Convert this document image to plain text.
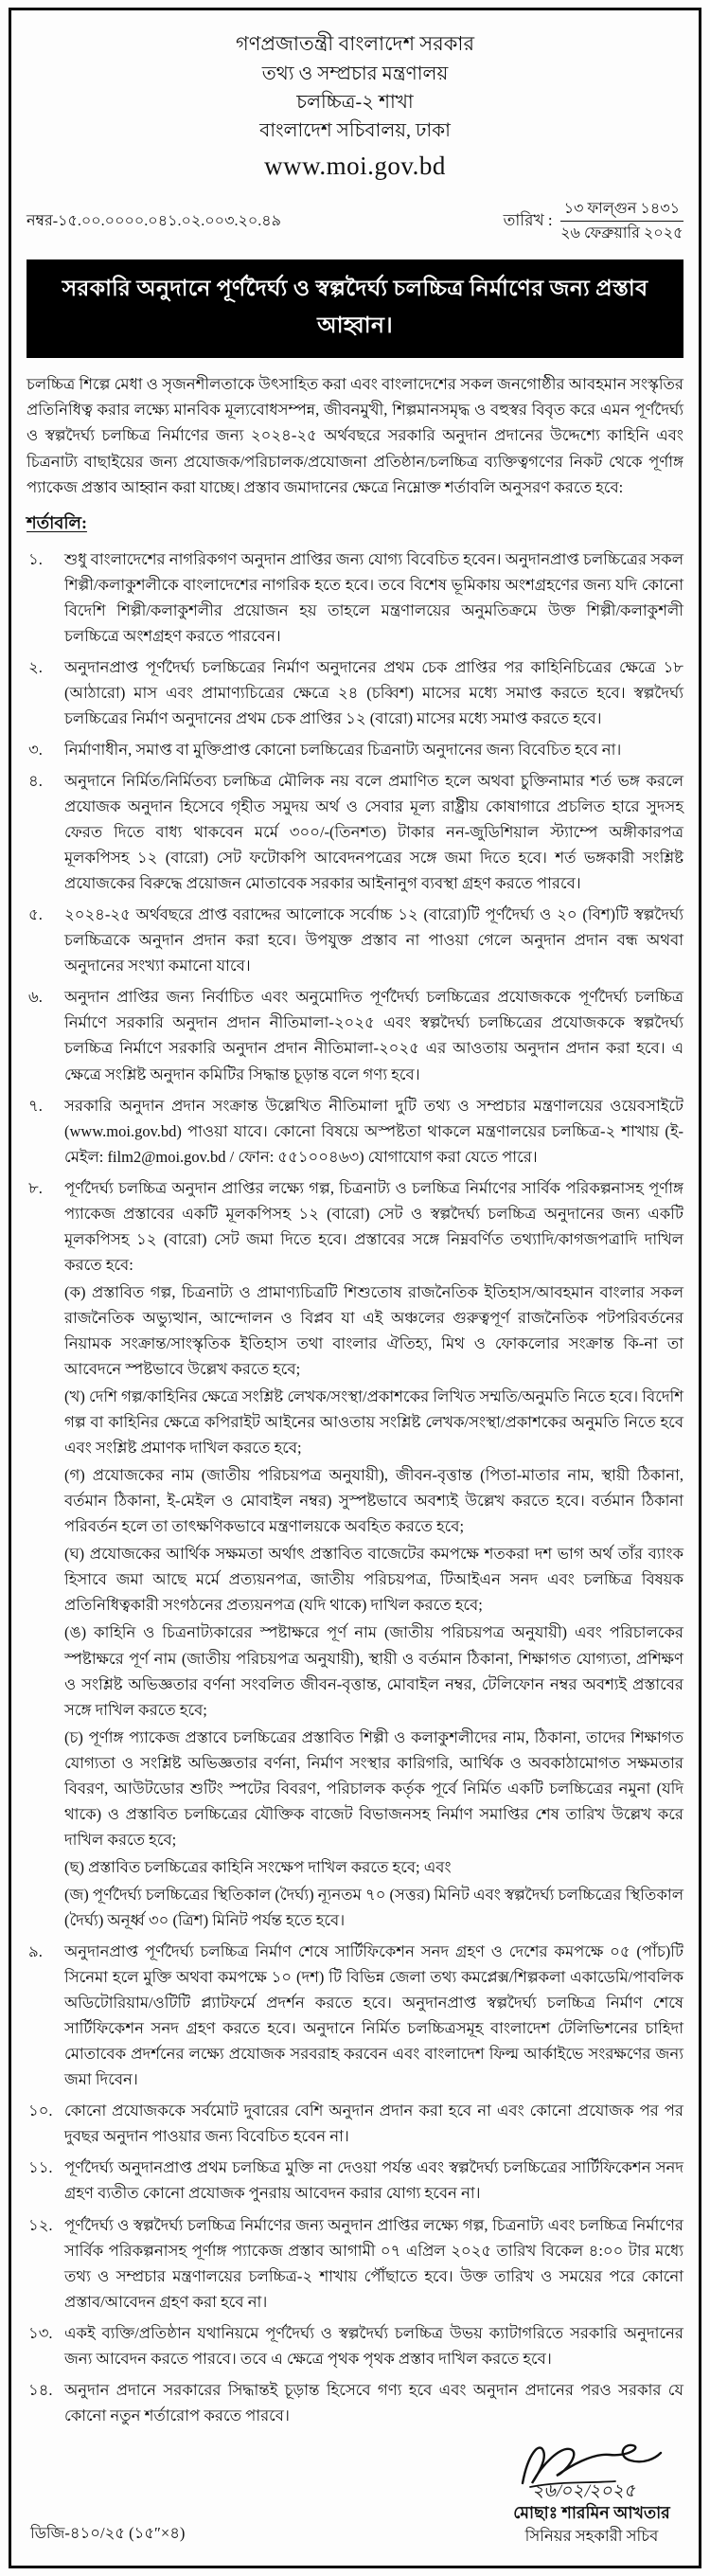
গণপ্রজাতন্ত্রী বাংলাদেশ সরকার
তথ্য ও সম্প্রচার মন্ত্রণালয়
চলচ্চিত্র-২ শাখা
বাংলাদেশ সচিবালয়, ঢাকা
www.moi.gov.bd
নম্বর-১৫.০০.০০০০.০৪১.০২.০০৩.২০.৪৯	তারিখ : $\frac{\text{১৩ ফাল্গুন ১৪৩১}}{\text{২৬ ফেব্রুয়ারি ২০২৫}}$
সরকারি অনুদানে পূর্ণদৈর্ঘ্য ও স্বল্পদৈর্ঘ্য চলচ্চিত্র নির্মাণের জন্য প্রস্তাব আহ্বান।
চলচ্চিত্র শিল্পে মেধা ও সৃজনশীলতাকে উৎসাহিত করা এবং বাংলাদেশের সকল জনগোষ্ঠীর আবহমান সংস্কৃতির প্রতিনিধিত্ব করার লক্ষ্যে মানবিক মূল্যবোধসম্পন্ন, জীবনমুখী, শিল্পমানসমৃদ্ধ ও বহুস্বর বিবৃত করে এমন পূর্ণদৈর্ঘ্য ও স্বল্পদৈর্ঘ্য চলচ্চিত্র নির্মাণের জন্য ২০২৪-২৫ অর্থবছরে সরকারি অনুদান প্রদানের উদ্দেশ্যে কাহিনি এবং চিত্রনাট্য বাছাইয়ের জন্য প্রযোজক/পরিচালক/প্রযোজনা প্রতিষ্ঠান/চলচ্চিত্র ব্যক্তিত্বগণের নিকট থেকে পূর্ণাঙ্গ প্যাকেজ প্রস্তাব আহ্বান করা যাচ্ছে। প্রস্তাব জমাদানের ক্ষেত্রে নিম্নোক্ত শর্তাবলি অনুসরণ করতে হবে:
শর্তাবলি:
১.	শুধু বাংলাদেশের নাগরিকগণ অনুদান প্রাপ্তির জন্য যোগ্য বিবেচিত হবেন। অনুদানপ্রাপ্ত চলচ্চিত্রের সকল শিল্পী/কলাকুশলীকে বাংলাদেশের নাগরিক হতে হবে। তবে বিশেষ ভূমিকায় অংশগ্রহণের জন্য যদি কোনো বিদেশি শিল্পী/কলাকুশলীর প্রয়োজন হয় তাহলে মন্ত্রণালয়ের অনুমতিক্রমে উক্ত শিল্পী/কলাকুশলী চলচ্চিত্রে অংশগ্রহণ করতে পারবেন।
২.	অনুদানপ্রাপ্ত পূর্ণদৈর্ঘ্য চলচ্চিত্রের নির্মাণ অনুদানের প্রথম চেক প্রাপ্তির পর কাহিনিচিত্রের ক্ষেত্রে ১৮ (আঠারো) মাস এবং প্রামাণ্যচিত্রের ক্ষেত্রে ২৪ (চব্বিশ) মাসের মধ্যে সমাপ্ত করতে হবে। স্বল্পদৈর্ঘ্য চলচ্চিত্রের নির্মাণ অনুদানের প্রথম চেক প্রাপ্তির ১২ (বারো) মাসের মধ্যে সমাপ্ত করতে হবে।
৩.	নির্মাণাধীন, সমাপ্ত বা মুক্তিপ্রাপ্ত কোনো চলচ্চিত্রের চিত্রনাট্য অনুদানের জন্য বিবেচিত হবে না।
৪.	অনুদানে নির্মিত/নির্মিতব্য চলচ্চিত্র মৌলিক নয় বলে প্রমাণিত হলে অথবা চুক্তিনামার শর্ত ভঙ্গ করলে প্রযোজক অনুদান হিসেবে গৃহীত সমুদয় অর্থ ও সেবার মূল্য রাষ্ট্রীয় কোষাগারে প্রচলিত হারে সুদসহ ফেরত দিতে বাধ্য থাকবেন মর্মে ৩০০/-(তিনশত) টাকার নন-জুডিশিয়াল স্ট্যাম্পে অঙ্গীকারপত্র মূলকপিসহ ১২ (বারো) সেট ফটোকপি আবেদনপত্রের সঙ্গে জমা দিতে হবে। শর্ত ভঙ্গকারী সংশ্লিষ্ট প্রযোজকের বিরুদ্ধে প্রয়োজন মোতাবেক সরকার আইনানুগ ব্যবস্থা গ্রহণ করতে পারবে।
৫.	২০২৪-২৫ অর্থবছরে প্রাপ্ত বরাদ্দের আলোকে সর্বোচ্চ ১২ (বারো)টি পূর্ণদৈর্ঘ্য ও ২০ (বিশ)টি স্বল্পদৈর্ঘ্য চলচ্চিত্রকে অনুদান প্রদান করা হবে। উপযুক্ত প্রস্তাব না পাওয়া গেলে অনুদান প্রদান বন্ধ অথবা অনুদানের সংখ্যা কমানো যাবে।
৬.	অনুদান প্রাপ্তির জন্য নির্বাচিত এবং অনুমোদিত পূর্ণদৈর্ঘ্য চলচ্চিত্রের প্রযোজককে পূর্ণদৈর্ঘ্য চলচ্চিত্র নির্মাণে সরকারি অনুদান প্রদান নীতিমালা-২০২৫ এবং স্বল্পদৈর্ঘ্য চলচ্চিত্রের প্রযোজককে স্বল্পদৈর্ঘ্য চলচ্চিত্র নির্মাণে সরকারি অনুদান প্রদান নীতিমালা-২০২৫ এর আওতায় অনুদান প্রদান করা হবে। এ ক্ষেত্রে সংশ্লিষ্ট অনুদান কমিটির সিদ্ধান্ত চূড়ান্ত বলে গণ্য হবে।
৭.	সরকারি অনুদান প্রদান সংক্রান্ত উল্লেখিত নীতিমালা দুটি তথ্য ও সম্প্রচার মন্ত্রণালয়ের ওয়েবসাইটে (www.moi.gov.bd) পাওয়া যাবে। কোনো বিষয়ে অস্পষ্টতা থাকলে মন্ত্রণালয়ের চলচ্চিত্র-২ শাখায় (ই-মেইল: film2@moi.gov.bd / ফোন: ৫৫১০০৪৬৩) যোগাযোগ করা যেতে পারে।
৮.	পূর্ণদৈর্ঘ্য চলচ্চিত্র অনুদান প্রাপ্তির লক্ষ্যে গল্প, চিত্রনাট্য ও চলচ্চিত্র নির্মাণের সার্বিক পরিকল্পনাসহ পূর্ণাঙ্গ প্যাকেজ প্রস্তাবের একটি মূলকপিসহ ১২ (বারো) সেট ও স্বল্পদৈর্ঘ্য চলচ্চিত্র অনুদানের জন্য একটি মূলকপিসহ ১২ (বারো) সেট জমা দিতে হবে। প্রস্তাবের সঙ্গে নিম্নবর্ণিত তথ্যাদি/কাগজপত্রাদি দাখিল করতে হবে:
(ক) প্রস্তাবিত গল্প, চিত্রনাট্য ও প্রামাণ্যচিত্রটি শিশুতোষ রাজনৈতিক ইতিহাস/আবহমান বাংলার সকল রাজনৈতিক অভ্যুত্থান, আন্দোলন ও বিপ্লব যা এই অঞ্চলের গুরুত্বপূর্ণ রাজনৈতিক পটপরিবর্তনের নিয়ামক সংক্রান্ত/সাংস্কৃতিক ইতিহাস তথা বাংলার ঐতিহ্য, মিথ ও ফোকলোর সংক্রান্ত কি-না তা আবেদনে স্পষ্টভাবে উল্লেখ করতে হবে;
(খ) দেশি গল্প/কাহিনির ক্ষেত্রে সংশ্লিষ্ট লেখক/সংস্থা/প্রকাশকের লিখিত সম্মতি/অনুমতি নিতে হবে। বিদেশি গল্প বা কাহিনির ক্ষেত্রে কপিরাইট আইনের আওতায় সংশ্লিষ্ট লেখক/সংস্থা/প্রকাশকের অনুমতি নিতে হবে এবং সংশ্লিষ্ট প্রমাণক দাখিল করতে হবে;
(গ) প্রযোজকের নাম (জাতীয় পরিচয়পত্র অনুযায়ী), জীবন-বৃত্তান্ত (পিতা-মাতার নাম, স্থায়ী ঠিকানা, বর্তমান ঠিকানা, ই-মেইল ও মোবাইল নম্বর) সুস্পষ্টভাবে অবশ্যই উল্লেখ করতে হবে। বর্তমান ঠিকানা পরিবর্তন হলে তা তাৎক্ষণিকভাবে মন্ত্রণালয়কে অবহিত করতে হবে;
(ঘ) প্রযোজকের আর্থিক সক্ষমতা অর্থাৎ প্রস্তাবিত বাজেটের কমপক্ষে শতকরা দশ ভাগ অর্থ তাঁর ব্যাংক হিসাবে জমা আছে মর্মে প্রত্যয়নপত্র, জাতীয় পরিচয়পত্র, টিআইএন সনদ এবং চলচ্চিত্র বিষয়ক প্রতিনিধিত্বকারী সংগঠনের প্রত্যয়নপত্র (যদি থাকে) দাখিল করতে হবে;
(ঙ) কাহিনি ও চিত্রনাট্যকারের স্পষ্টাক্ষরে পূর্ণ নাম (জাতীয় পরিচয়পত্র অনুযায়ী) এবং পরিচালকের স্পষ্টাক্ষরে পূর্ণ নাম (জাতীয় পরিচয়পত্র অনুযায়ী), স্থায়ী ও বর্তমান ঠিকানা, শিক্ষাগত যোগ্যতা, প্রশিক্ষণ ও সংশ্লিষ্ট অভিজ্ঞতার বর্ণনা সংবলিত জীবন-বৃত্তান্ত, মোবাইল নম্বর, টেলিফোন নম্বর অবশ্যই প্রস্তাবের সঙ্গে দাখিল করতে হবে;
(চ) পূর্ণাঙ্গ প্যাকেজ প্রস্তাবে চলচ্চিত্রের প্রস্তাবিত শিল্পী ও কলাকুশলীদের নাম, ঠিকানা, তাদের শিক্ষাগত যোগ্যতা ও সংশ্লিষ্ট অভিজ্ঞতার বর্ণনা, নির্মাণ সংস্থার কারিগরি, আর্থিক ও অবকাঠামোগত সক্ষমতার বিবরণ, আউটডোর শুটিং স্পটের বিবরণ, পরিচালক কর্তৃক পূর্বে নির্মিত একটি চলচ্চিত্রের নমুনা (যদি থাকে) ও প্রস্তাবিত চলচ্চিত্রের যৌক্তিক বাজেট বিভাজনসহ নির্মাণ সমাপ্তির শেষ তারিখ উল্লেখ করে দাখিল করতে হবে;
(ছ) প্রস্তাবিত চলচ্চিত্রের কাহিনি সংক্ষেপ দাখিল করতে হবে; এবং
(জ) পূর্ণদৈর্ঘ্য চলচ্চিত্রের স্থিতিকাল (দৈর্ঘ্য) ন্যূনতম ৭০ (সত্তর) মিনিট এবং স্বল্পদৈর্ঘ্য চলচ্চিত্রের স্থিতিকাল (দৈর্ঘ্য) অনূর্ধ্ব ৩০ (ত্রিশ) মিনিট পর্যন্ত হতে হবে।
৯.	অনুদানপ্রাপ্ত পূর্ণদৈর্ঘ্য চলচ্চিত্র নির্মাণ শেষে সার্টিফিকেশন সনদ গ্রহণ ও দেশের কমপক্ষে ০৫ (পাঁচ)টি সিনেমা হলে মুক্তি অথবা কমপক্ষে ১০ (দশ) টি বিভিন্ন জেলা তথ্য কমপ্লেক্স/শিল্পকলা একাডেমি/পাবলিক অডিটোরিয়াম/ওটিটি প্ল্যাটফর্মে প্রদর্শন করতে হবে। অনুদানপ্রাপ্ত স্বল্পদৈর্ঘ্য চলচ্চিত্র নির্মাণ শেষে সার্টিফিকেশন সনদ গ্রহণ করতে হবে। অনুদানে নির্মিত চলচ্চিত্রসমূহ বাংলাদেশ টেলিভিশনের চাহিদা মোতাবেক প্রদর্শনের লক্ষ্যে প্রযোজক সরবরাহ করবেন এবং বাংলাদেশ ফিল্ম আর্কাইভে সংরক্ষণের জন্য জমা দিবেন।
১০. কোনো প্রযোজককে সর্বমোট দুবারের বেশি অনুদান প্রদান করা হবে না এবং কোনো প্রযোজক পর পর দুবছর অনুদান পাওয়ার জন্য বিবেচিত হবেন না।
১১. পূর্ণদৈর্ঘ্য অনুদানপ্রাপ্ত প্রথম চলচ্চিত্র মুক্তি না দেওয়া পর্যন্ত এবং স্বল্পদৈর্ঘ্য চলচ্চিত্রের সার্টিফিকেশন সনদ গ্রহণ ব্যতীত কোনো প্রযোজক পুনরায় আবেদন করার যোগ্য হবেন না।
১২. পূর্ণদৈর্ঘ্য ও স্বল্পদৈর্ঘ্য চলচ্চিত্র নির্মাণের জন্য অনুদান প্রাপ্তির লক্ষ্যে গল্প, চিত্রনাট্য এবং চলচ্চিত্র নির্মাণের সার্বিক পরিকল্পনাসহ পূর্ণাঙ্গ প্যাকেজ প্রস্তাব আগামী ০৭ এপ্রিল ২০২৫ তারিখ বিকেল ৪:০০ টার মধ্যে তথ্য ও সম্প্রচার মন্ত্রণালয়ের চলচ্চিত্র-২ শাখায় পৌঁছাতে হবে। উক্ত তারিখ ও সময়ের পরে কোনো প্রস্তাব/আবেদন গ্রহণ করা হবে না।
১৩. একই ব্যক্তি/প্রতিষ্ঠান যথানিয়মে পূর্ণদৈর্ঘ্য ও স্বল্পদৈর্ঘ্য চলচ্চিত্র উভয় ক্যাটাগরিতে সরকারি অনুদানের জন্য আবেদন করতে পারবে। তবে এ ক্ষেত্রে পৃথক পৃথক প্রস্তাব দাখিল করতে হবে।
১৪. অনুদান প্রদানে সরকারের সিদ্ধান্তই চূড়ান্ত হিসেবে গণ্য হবে এবং অনুদান প্রদানের পরও সরকার যে কোনো নতুন শর্তারোপ করতে পারবে।
ডিজি-৪১০/২৫ (১৫″×৪)
২৬/০২/২০২৫
মোছাঃ শারমিন আখতার
সিনিয়র সহকারী সচিব
